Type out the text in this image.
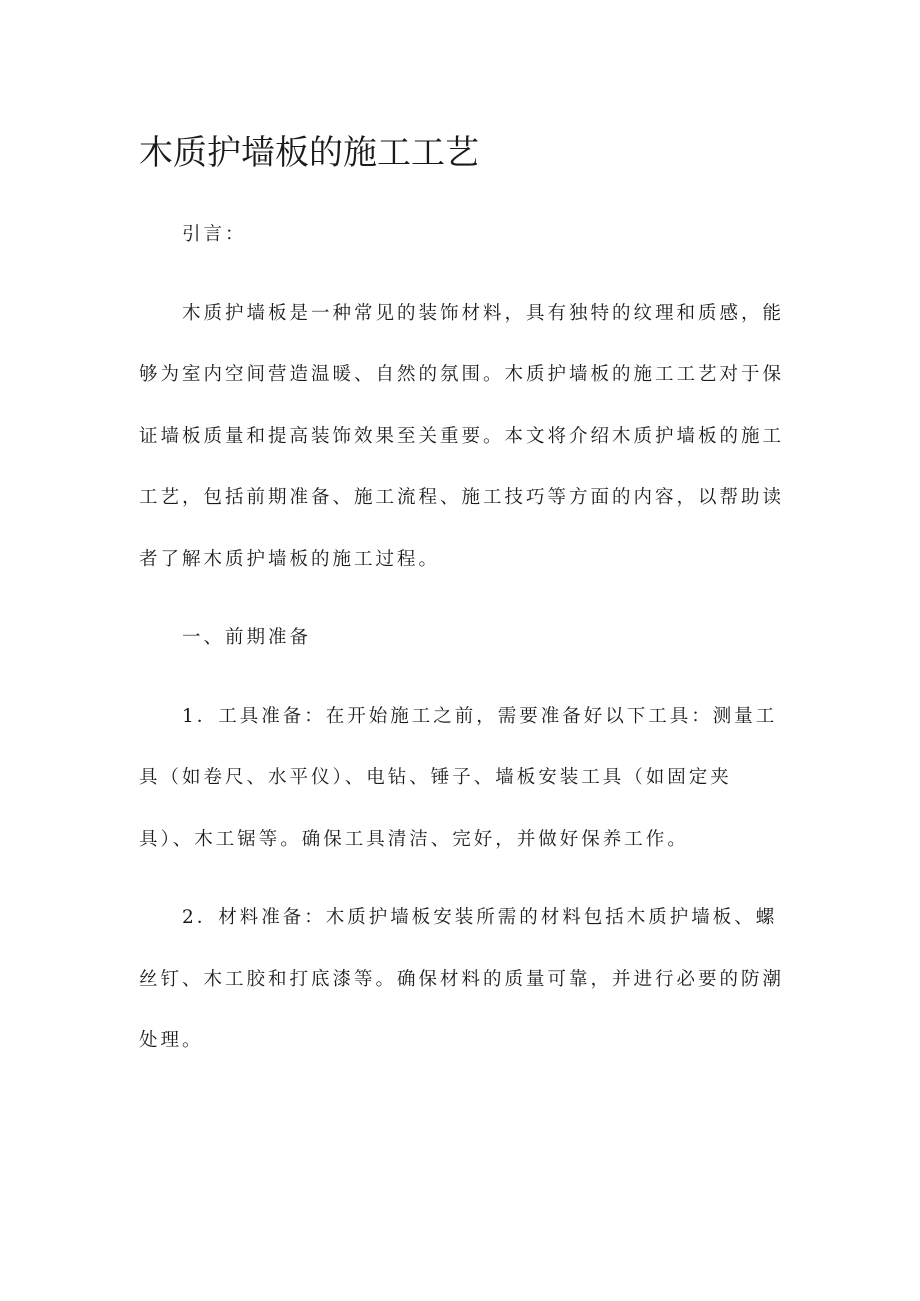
木质护墙板的施工工艺

引言：

木质护墙板是一种常见的装饰材料，具有独特的纹理和质感，能够为室内空间营造温暖、自然的氛围。木质护墙板的施工工艺对于保证墙板质量和提高装饰效果至关重要。本文将介绍木质护墙板的施工工艺，包括前期准备、施工流程、施工技巧等方面的内容，以帮助读者了解木质护墙板的施工过程。

一、前期准备

1．工具准备：在开始施工之前，需要准备好以下工具：测量工具（如卷尺、水平仪）、电钻、锤子、墙板安装工具（如固定夹具）、木工锯等。确保工具清洁、完好，并做好保养工作。

2．材料准备：木质护墙板安装所需的材料包括木质护墙板、螺丝钉、木工胶和打底漆等。确保材料的质量可靠，并进行必要的防潮处理。
